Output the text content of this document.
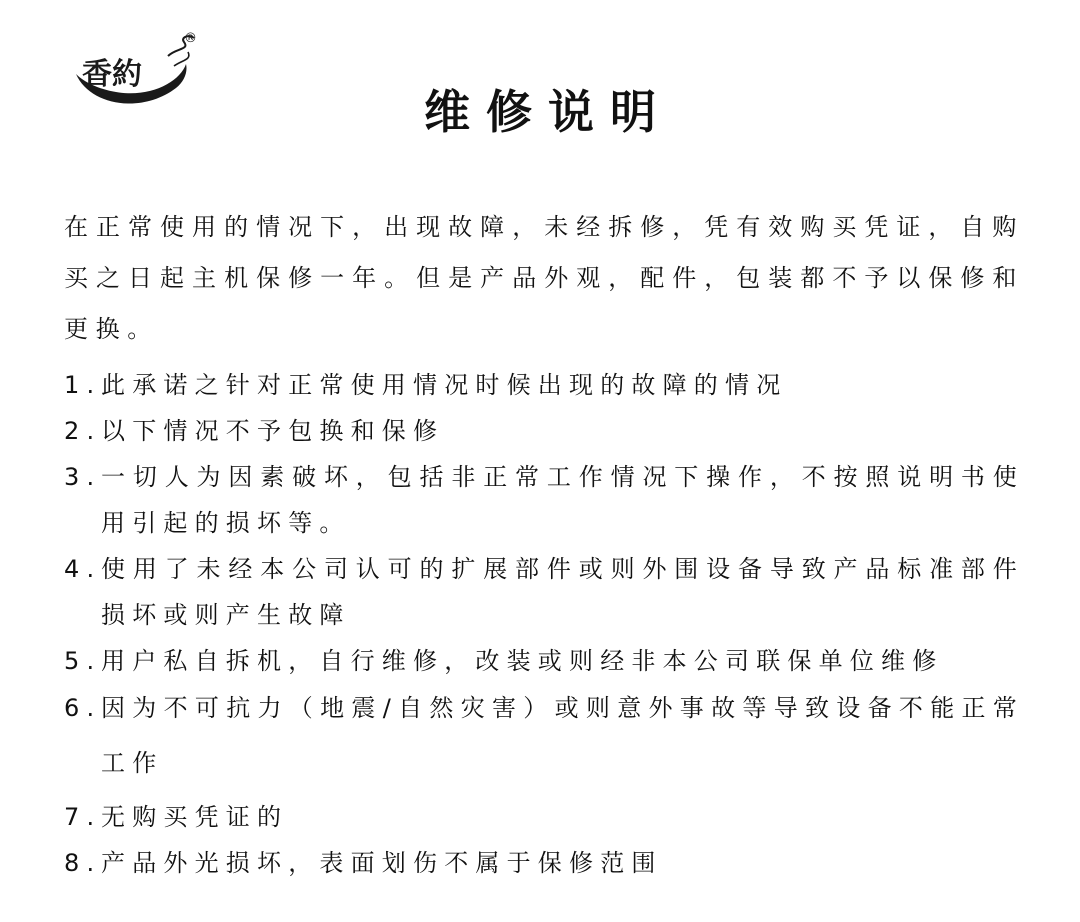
®
香約
维修说明

在正常使用的情况下，出现故障，未经拆修，凭有效购买凭证，自购买之日起主机保修一年。但是产品外观，配件，包装都不予以保修和更换。

1. 此承诺之针对正常使用情况时候出现的故障的情况
2. 以下情况不予包换和保修
3. 一切人为因素破坏，包括非正常工作情况下操作，不按照说明书使用引起的损坏等。
4. 使用了未经本公司认可的扩展部件或则外围设备导致产品标准部件损坏或则产生故障
5. 用户私自拆机，自行维修，改装或则经非本公司联保单位维修
6. 因为不可抗力（地震/自然灾害）或则意外事故等导致设备不能正常工作
7. 无购买凭证的
8. 产品外光损坏，表面划伤不属于保修范围
